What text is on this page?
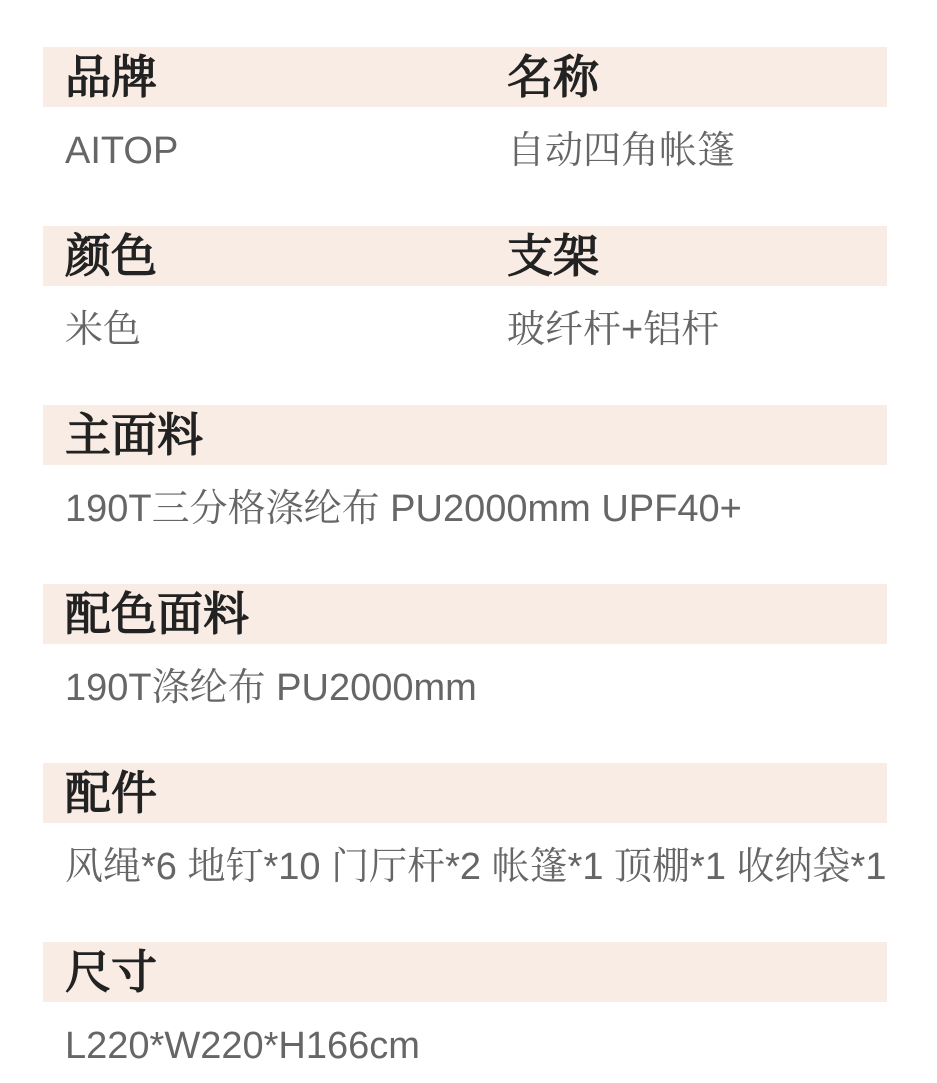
品牌	名称
AITOP	自动四角帐篷
颜色	支架
米色	玻纤杆+铝杆
主面料
190T三分格涤纶布 PU2000mm UPF40+
配色面料
190T涤纶布 PU2000mm
配件
风绳*6 地钉*10 门厅杆*2 帐篷*1 顶棚*1 收纳袋*1
尺寸
L220*W220*H166cm
